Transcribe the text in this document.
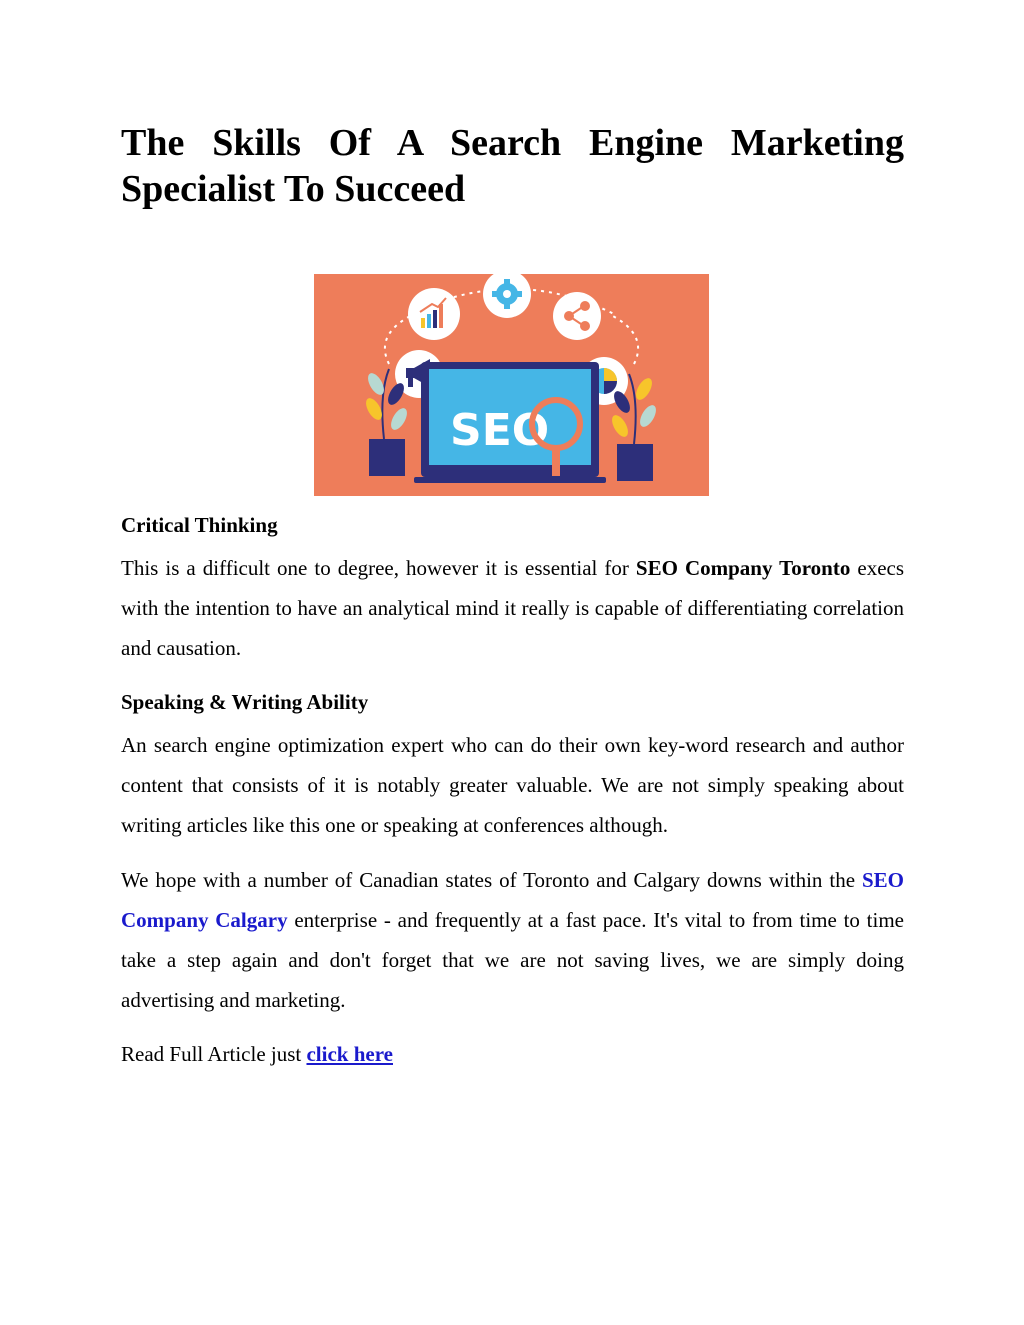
The Skills Of A Search Engine Marketing Specialist To Succeed
SEO
Critical Thinking

This is a difficult one to degree, however it is essential for SEO Company Toronto execs with the intention to have an analytical mind it really is capable of differentiating correlation and causation.

Speaking & Writing Ability

An search engine optimization expert who can do their own key-word research and author content that consists of it is notably greater valuable. We are not simply speaking about writing articles like this one or speaking at conferences although.

We hope with a number of Canadian states of Toronto and Calgary downs within the SEO Company Calgary enterprise - and frequently at a fast pace. It's vital to from time to time take a step again and don't forget that we are not saving lives, we are simply doing advertising and marketing.

Read Full Article just click here
